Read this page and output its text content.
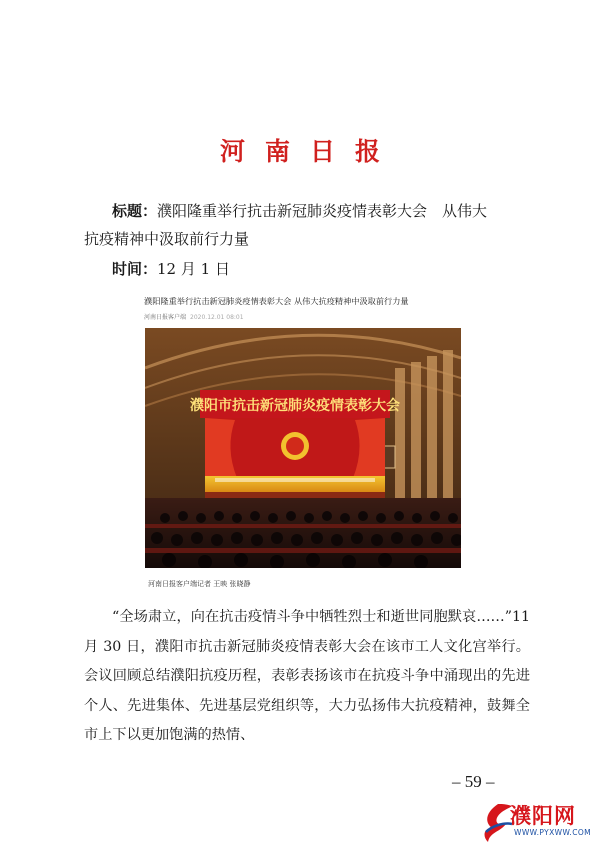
河南日报
标题：濮阳隆重举行抗击新冠肺炎疫情表彰大会　从伟大
抗疫精神中汲取前行力量
时间：12 月 1 日
濮阳隆重举行抗击新冠肺炎疫情表彰大会 从伟大抗疫精神中汲取前行力量
河南日报客户端 2020.12.01 08:01
濮阳市抗击新冠肺炎疫情表彰大会
河南日报客户端记者 王映 张晓静

“全场肃立，向在抗击疫情斗争中牺牲烈士和逝世同胞默哀……”11 月 30 日，濮阳市抗击新冠肺炎疫情表彰大会在该市工人文化宫举行。会议回顾总结濮阳抗疫历程，表彰表扬该市在抗疫斗争中涌现出的先进个人、先进集体、先进基层党组织等，大力弘扬伟大抗疫精神，鼓舞全市上下以更加饱满的热情、

– 59 –
濮阳网
WWW.PYXWW.COM
